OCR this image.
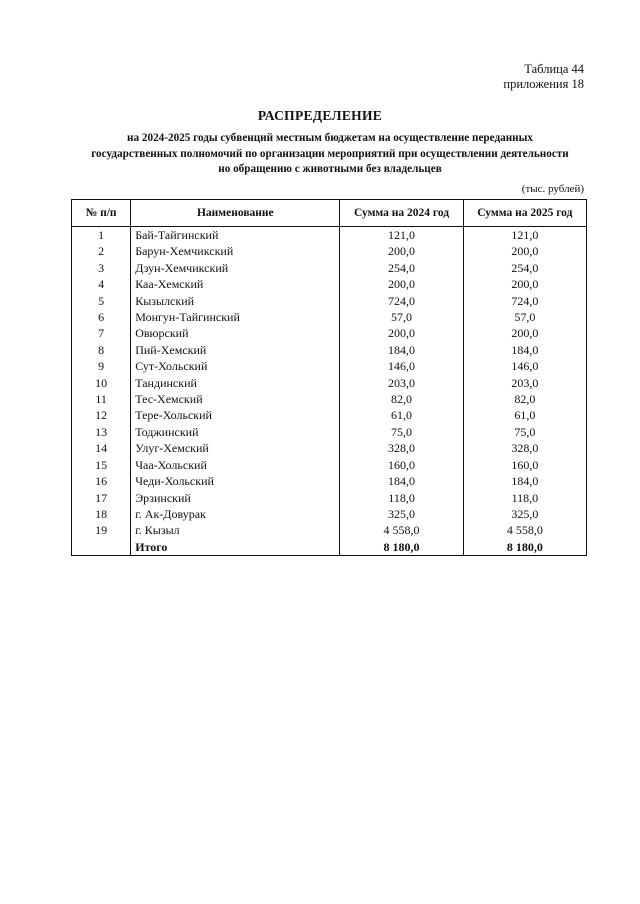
Таблица 44
приложения 18
РАСПРЕДЕЛЕНИЕ
на 2024-2025 годы субвенций местным бюджетам на осуществление переданных
государственных полномочий по организации мероприятий при осуществлении деятельности
но обращению с животными без владельцев
(тыс. рублей)
№ п/п	Наименование	Сумма на 2024 год	Сумма на 2025 год
1	Бай-Тайгинский	121,0	121,0
2	Барун-Хемчикский	200,0	200,0
3	Дзун-Хемчикский	254,0	254,0
4	Каа-Хемский	200,0	200,0
5	Кызылский	724,0	724,0
6	Монгун-Тайгинский	57,0	57,0
7	Овюрский	200,0	200,0
8	Пий-Хемский	184,0	184,0
9	Сут-Хольский	146,0	146,0
10	Тандинский	203,0	203,0
11	Тес-Хемский	82,0	82,0
12	Тере-Хольский	61,0	61,0
13	Тоджинский	75,0	75,0
14	Улуг-Хемский	328,0	328,0
15	Чаа-Хольский	160,0	160,0
16	Чеди-Хольский	184,0	184,0
17	Эрзинский	118,0	118,0
18	г. Ак-Довурак	325,0	325,0
19	г. Кызыл	4 558,0	4 558,0
	Итого	8 180,0	8 180,0
